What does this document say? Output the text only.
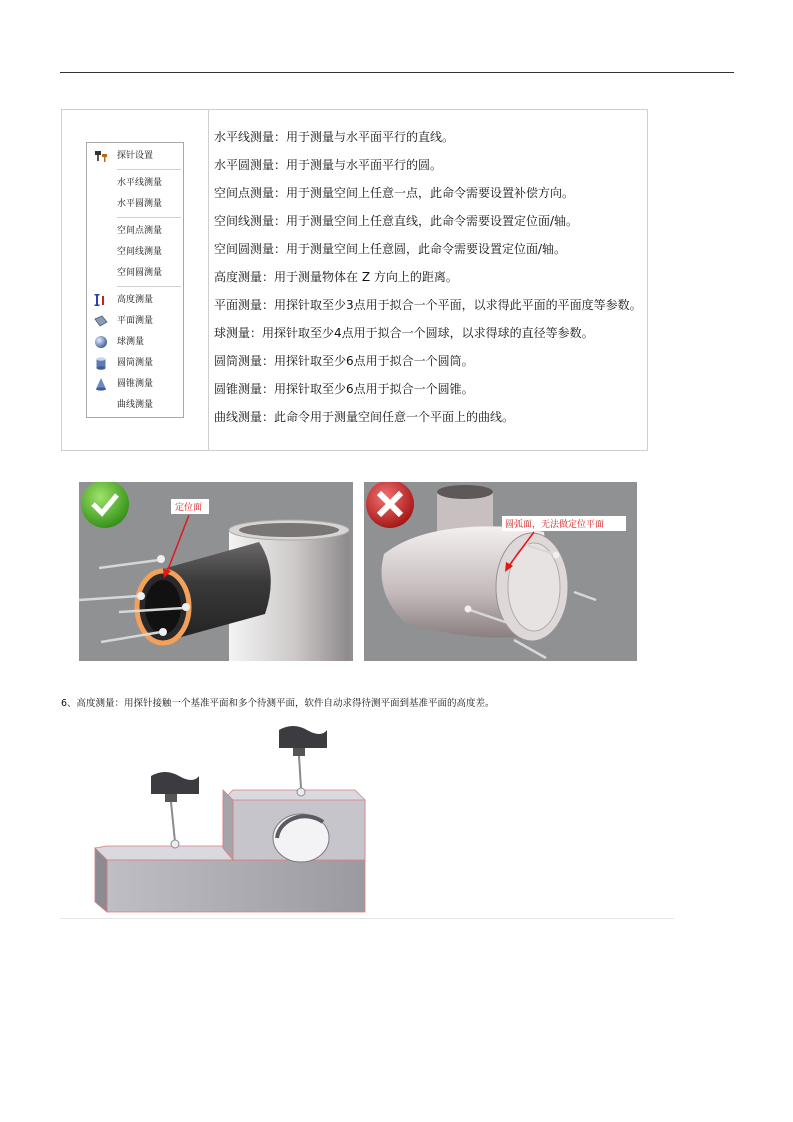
探针设置
水平线测量
水平圆测量
空间点测量
空间线测量
空间圆测量
高度测量
平面测量
球测量
圆筒测量
圆锥测量
曲线测量
水平线测量：用于测量与水平面平行的直线。
水平圆测量：用于测量与水平面平行的圆。
空间点测量：用于测量空间上任意一点，此命令需要设置补偿方向。
空间线测量：用于测量空间上任意直线，此命令需要设置定位面/轴。
空间圆测量：用于测量空间上任意圆，此命令需要设置定位面/轴。
高度测量：用于测量物体在 Z 方向上的距离。
平面测量：用探针取至少3点用于拟合一个平面，以求得此平面的平面度等参数。
球测量：用探针取至少4点用于拟合一个圆球，以求得球的直径等参数。
圆筒测量：用探针取至少6点用于拟合一个圆筒。
圆锥测量：用探针取至少6点用于拟合一个圆锥。
曲线测量：此命令用于测量空间任意一个平面上的曲线。
定位面
圆弧面，无法做定位平面
6、高度测量：用探针接触一个基准平面和多个待测平面，软件自动求得待测平面到基准平面的高度差。
